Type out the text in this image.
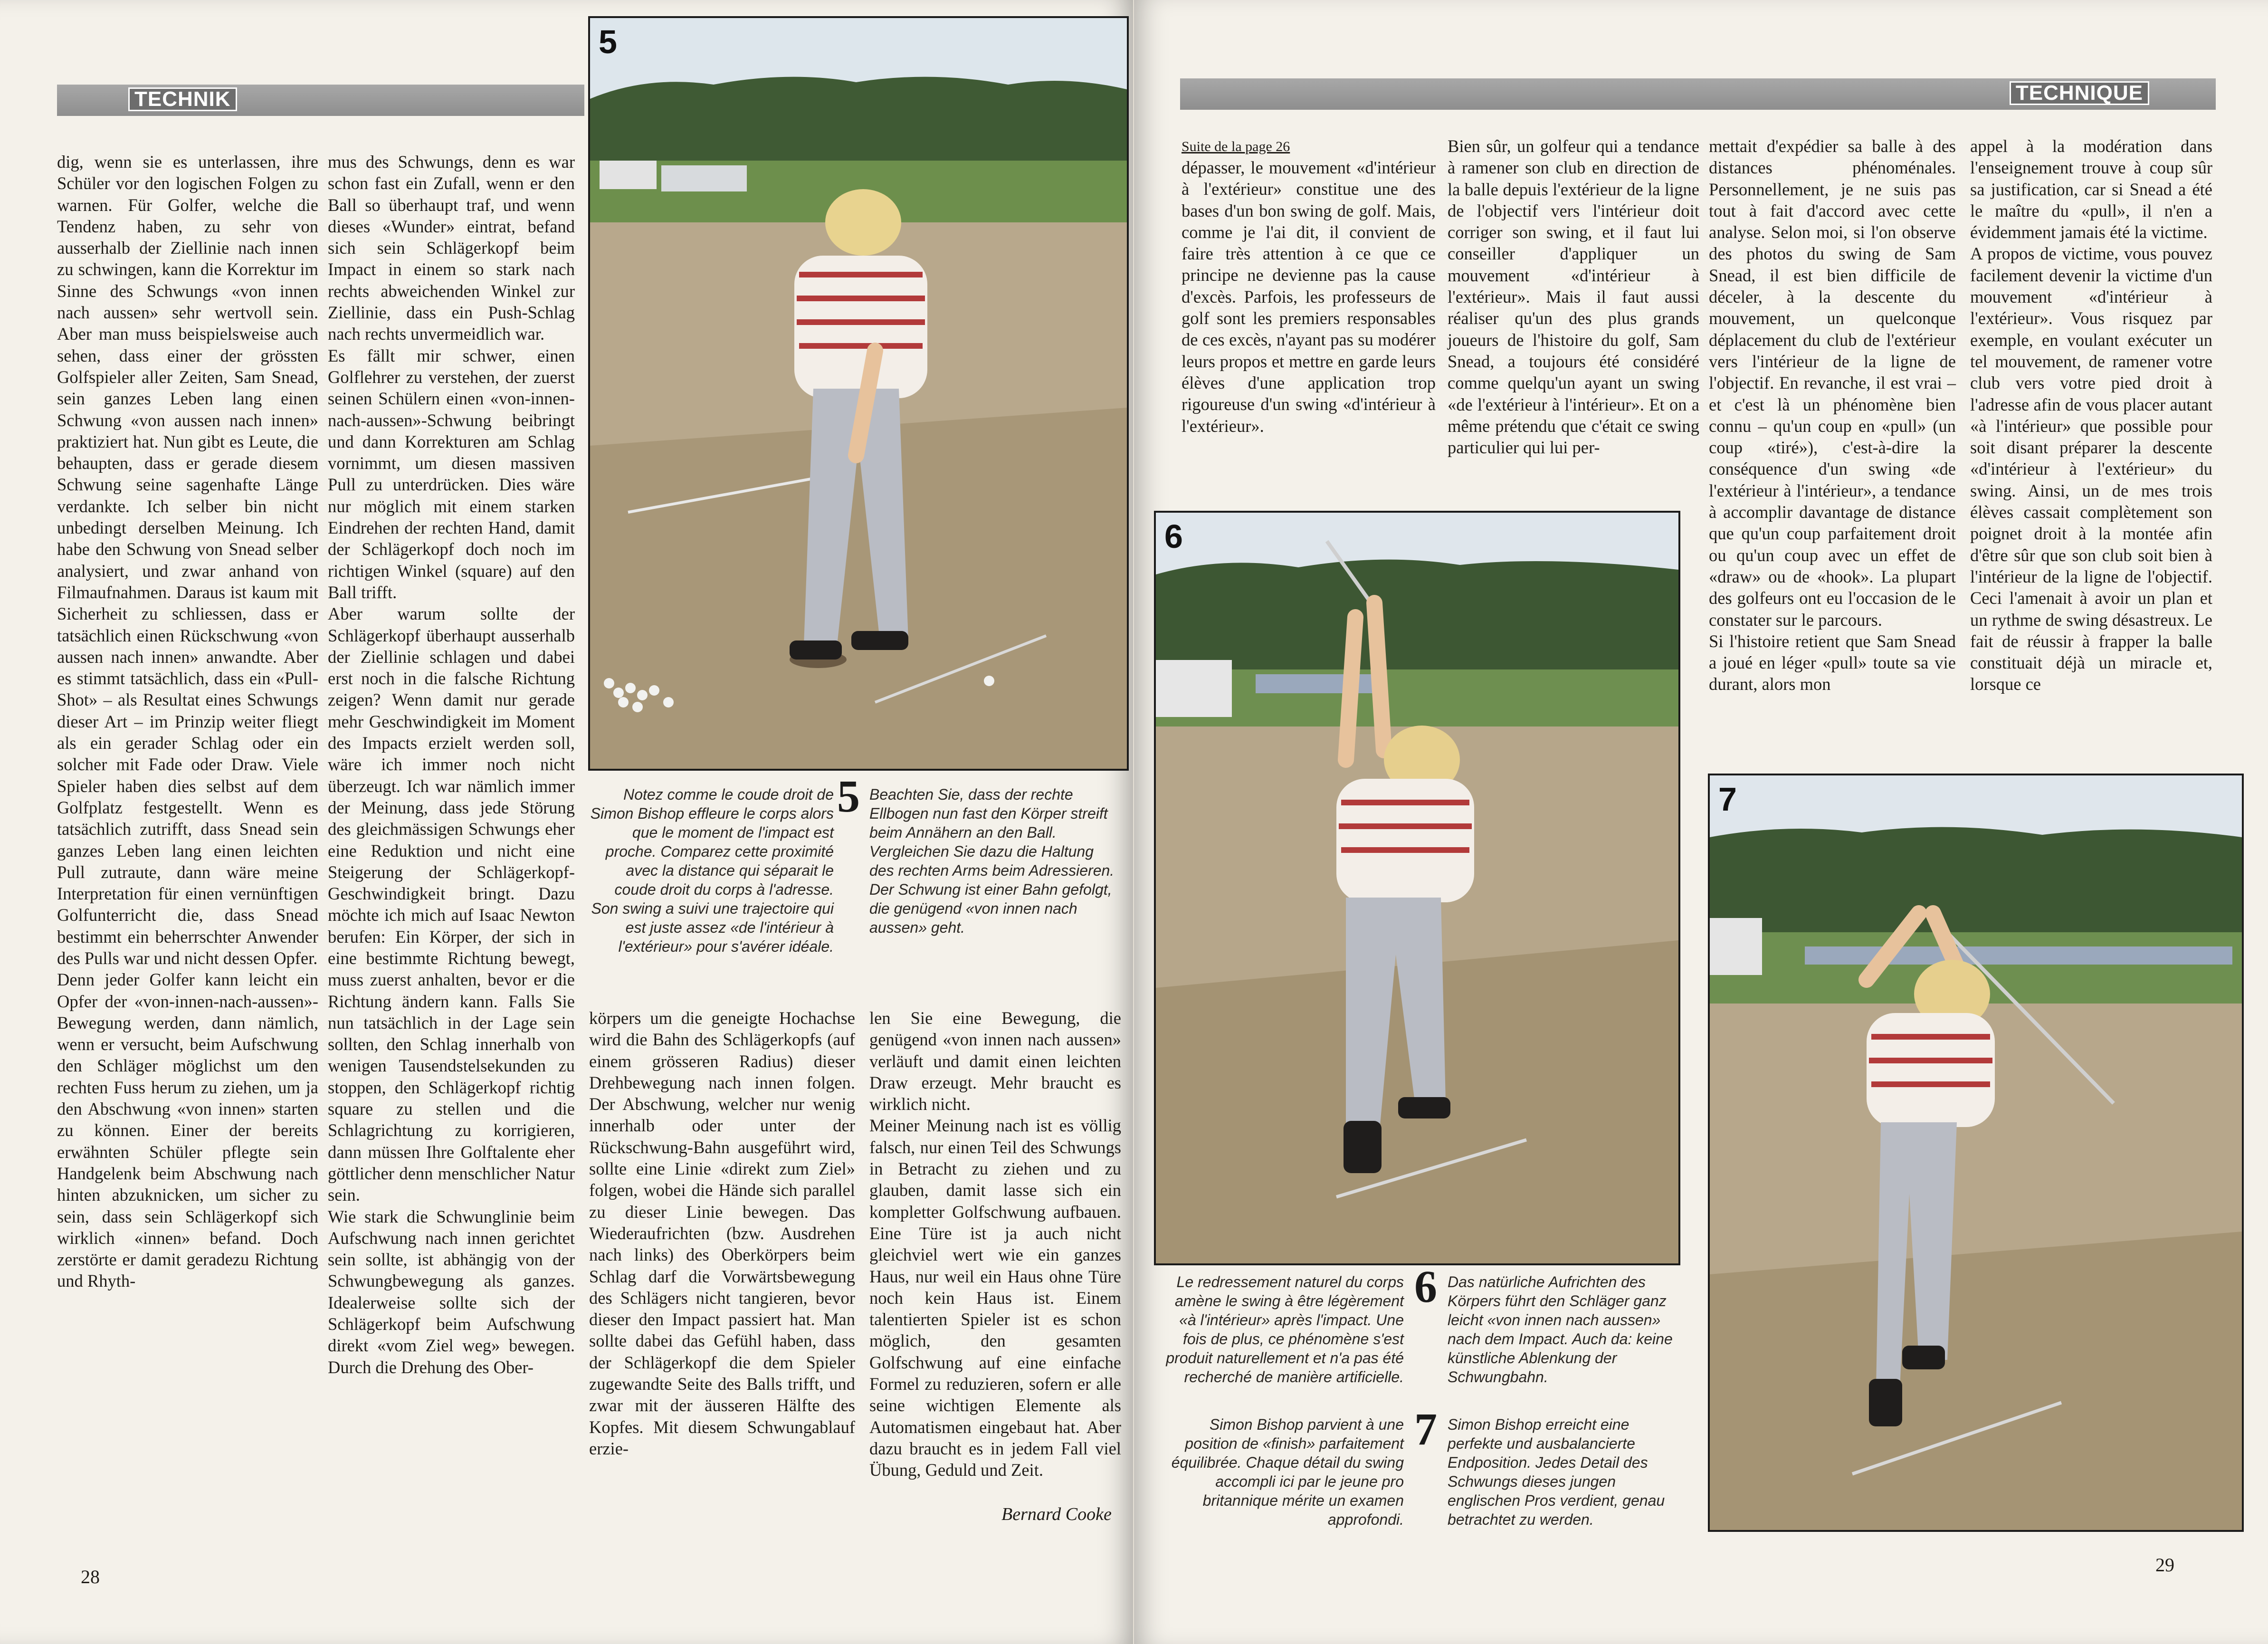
TECHNIK

dig, wenn sie es unterlassen, ihre Schüler vor den logischen Folgen zu warnen. Für Golfer, welche die Tendenz haben, zu sehr von ausserhalb der Ziellinie nach innen zu schwingen, kann die Korrektur im Sinne des Schwungs «von innen nach aussen» sehr wertvoll sein. Aber man muss beispielsweise auch sehen, dass einer der grössten Golfspieler aller Zeiten, Sam Snead, sein ganzes Leben lang einen Schwung «von aussen nach innen» praktiziert hat. Nun gibt es Leute, die behaupten, dass er gerade diesem Schwung seine sagenhafte Länge verdankte. Ich selber bin nicht unbedingt derselben Meinung. Ich habe den Schwung von Snead selber analysiert, und zwar anhand von Filmaufnahmen. Daraus ist kaum mit Sicherheit zu schliessen, dass er tatsächlich einen Rückschwung «von aussen nach innen» anwandte. Aber es stimmt tatsächlich, dass ein «Pull-Shot» – als Resultat eines Schwungs dieser Art – im Prinzip weiter fliegt als ein gerader Schlag oder ein solcher mit Fade oder Draw. Viele Spieler haben dies selbst auf dem Golfplatz festgestellt. Wenn es tatsächlich zutrifft, dass Snead sein ganzes Leben lang einen leichten Pull zutraute, dann wäre meine Interpretation für einen vernünftigen Golfunterricht die, dass Snead bestimmt ein beherrschter Anwender des Pulls war und nicht dessen Opfer.

Denn jeder Golfer kann leicht ein Opfer der «von-innen-nach-aussen»-Bewegung werden, dann nämlich, wenn er versucht, beim Aufschwung den Schläger möglichst um den rechten Fuss herum zu ziehen, um ja den Abschwung «von innen» starten zu können. Einer der bereits erwähnten Schüler pflegte sein Handgelenk beim Abschwung nach hinten abzuknicken, um sicher zu sein, dass sein Schlägerkopf sich wirklich «innen» befand. Doch zerstörte er damit geradezu Richtung und Rhyth-

mus des Schwungs, denn es war schon fast ein Zufall, wenn er den Ball so überhaupt traf, und wenn dieses «Wunder» eintrat, befand sich sein Schlägerkopf beim Impact in einem so stark nach rechts abweichenden Winkel zur Ziellinie, dass ein Push-Schlag nach rechts unvermeidlich war.

Es fällt mir schwer, einen Golflehrer zu verstehen, der zuerst seinen Schülern einen «von-innen-nach-aussen»-Schwung beibringt und dann Korrekturen am Schlag vornimmt, um diesen massiven Pull zu unterdrücken. Dies wäre nur möglich mit einem starken Eindrehen der rechten Hand, damit der Schlägerkopf doch noch im richtigen Winkel (square) auf den Ball trifft.

Aber warum sollte der Schlägerkopf überhaupt ausserhalb der Ziellinie schlagen und dabei erst noch in die falsche Richtung zeigen? Wenn damit nur gerade mehr Geschwindigkeit im Moment des Impacts erzielt werden soll, wäre ich immer noch nicht überzeugt. Ich war nämlich immer der Meinung, dass jede Störung des gleichmässigen Schwungs eher eine Reduktion und nicht eine Steigerung der Schlägerkopf-Geschwindigkeit bringt. Dazu möchte ich mich auf Isaac Newton berufen: Ein Körper, der sich in eine bestimmte Richtung bewegt, muss zuerst anhalten, bevor er die Richtung ändern kann. Falls Sie nun tatsächlich in der Lage sein sollten, den Schlag innerhalb von wenigen Tausendstelsekunden zu stoppen, den Schlägerkopf richtig square zu stellen und die Schlagrichtung zu korrigieren, dann müssen Ihre Golftalente eher göttlicher denn menschlicher Natur sein.

Wie stark die Schwunglinie beim Aufschwung nach innen gerichtet sein sollte, ist abhängig von der Schwungbewegung als ganzes. Idealerweise sollte sich der Schlägerkopf beim Aufschwung direkt «vom Ziel weg» bewegen. Durch die Drehung des Ober-

5

Notez comme le coude droit de Simon Bishop effleure le corps alors que le moment de l'impact est proche. Comparez cette proximité avec la distance qui séparait le coude droit du corps à l'adresse. Son swing a suivi une trajectoire qui est juste assez «de l'intérieur à l'extérieur» pour s'avérer idéale.

5 Beachten Sie, dass der rechte Ellbogen nun fast den Körper streift beim Annähern an den Ball. Vergleichen Sie dazu die Haltung des rechten Arms beim Adressieren. Der Schwung ist einer Bahn gefolgt, die genügend «von innen nach aussen» geht.

körpers um die geneigte Hochachse wird die Bahn des Schlägerkopfs (auf einem grösseren Radius) dieser Drehbewegung nach innen folgen. Der Abschwung, welcher nur wenig innerhalb oder unter der Rückschwung-Bahn ausgeführt wird, sollte eine Linie «direkt zum Ziel» folgen, wobei die Hände sich parallel zu dieser Linie bewegen. Das Wiederaufrichten (bzw. Ausdrehen nach links) des Oberkörpers beim Schlag darf die Vorwärtsbewegung des Schlägers nicht tangieren, bevor dieser den Impact passiert hat. Man sollte dabei das Gefühl haben, dass der Schlägerkopf die dem Spieler zugewandte Seite des Balls trifft, und zwar mit der äusseren Hälfte des Kopfes. Mit diesem Schwungablauf erzie-

len Sie eine Bewegung, die genügend «von innen nach aussen» verläuft und damit einen leichten Draw erzeugt. Mehr braucht es wirklich nicht.

Meiner Meinung nach ist es völlig falsch, nur einen Teil des Schwungs in Betracht zu ziehen und zu glauben, damit lasse sich ein kompletter Golfschwung aufbauen. Eine Türe ist ja auch nicht gleichviel wert wie ein ganzes Haus, nur weil ein Haus ohne Türe noch kein Haus ist. Einem talentierten Spieler ist es schon möglich, den gesamten Golfschwung auf eine einfache Formel zu reduzieren, sofern er alle seine wichtigen Elemente als Automatismen eingebaut hat. Aber dazu braucht es in jedem Fall viel Übung, Geduld und Zeit.

Bernard Cooke
28
TECHNIQUE
Suite de la page 26

dépasser, le mouvement «d'intérieur à l'extérieur» constitue une des bases d'un bon swing de golf. Mais, comme je l'ai dit, il convient de faire très attention à ce que ce principe ne devienne pas la cause d'excès. Parfois, les professeurs de golf sont les premiers responsables de ces excès, n'ayant pas su modérer leurs propos et mettre en garde leurs élèves d'une application trop rigoureuse d'un swing «d'intérieur à l'extérieur».

Bien sûr, un golfeur qui a tendance à ramener son club en direction de la balle depuis l'extérieur de la ligne de l'objectif vers l'intérieur doit corriger son swing, et il faut lui conseiller d'appliquer un mouvement «d'intérieur à l'extérieur». Mais il faut aussi réaliser qu'un des plus grands joueurs de l'histoire du golf, Sam Snead, a toujours été considéré comme quelqu'un ayant un swing «de l'extérieur à l'intérieur». Et on a même prétendu que c'était ce swing particulier qui lui per-

mettait d'expédier sa balle à des distances phénoménales. Personnellement, je ne suis pas tout à fait d'accord avec cette analyse. Selon moi, si l'on observe des photos du swing de Sam Snead, il est bien difficile de déceler, à la descente du mouvement, un quelconque déplacement du club de l'extérieur vers l'intérieur de la ligne de l'objectif. En revanche, il est vrai – et c'est là un phénomène bien connu – qu'un coup en «pull» (un coup «tiré»), c'est-à-dire la conséquence d'un swing «de l'extérieur à l'intérieur», a tendance à accomplir davantage de distance que qu'un coup parfaitement droit ou qu'un coup avec un effet de «draw» ou de «hook». La plupart des golfeurs ont eu l'occasion de le constater sur le parcours.

Si l'histoire retient que Sam Snead a joué en léger «pull» toute sa vie durant, alors mon

appel à la modération dans l'enseignement trouve à coup sûr sa justification, car si Snead a été le maître du «pull», il n'en a évidemment jamais été la victime.

A propos de victime, vous pouvez facilement devenir la victime d'un mouvement «d'intérieur à l'extérieur». Vous risquez par exemple, en voulant exécuter un tel mouvement, de ramener votre club vers votre pied droit à l'adresse afin de vous placer autant «à l'intérieur» que possible pour soit disant préparer la descente «d'intérieur à l'extérieur» du swing. Ainsi, un de mes trois élèves cassait complètement son poignet droit à la montée afin d'être sûr que son club soit bien à l'intérieur de la ligne de l'objectif. Ceci l'amenait à avoir un plan et un rythme de swing désastreux. Le fait de réussir à frapper la balle constituait déjà un miracle et, lorsque ce

6
7

Le redressement naturel du corps amène le swing à être légèrement «à l'intérieur» après l'impact. Une fois de plus, ce phénomène s'est produit naturellement et n'a pas été recherché de manière artificielle.

6 Das natürliche Aufrichten des Körpers führt den Schläger ganz leicht «von innen nach aussen» nach dem Impact. Auch da: keine künstliche Ablenkung der Schwungbahn.

Simon Bishop parvient à une position de «finish» parfaitement équilibrée. Chaque détail du swing accompli ici par le jeune pro britannique mérite un examen approfondi.

7 Simon Bishop erreicht eine perfekte und ausbalancierte Endposition. Jedes Detail des Schwungs dieses jungen englischen Pros verdient, genau betrachtet zu werden.

29
